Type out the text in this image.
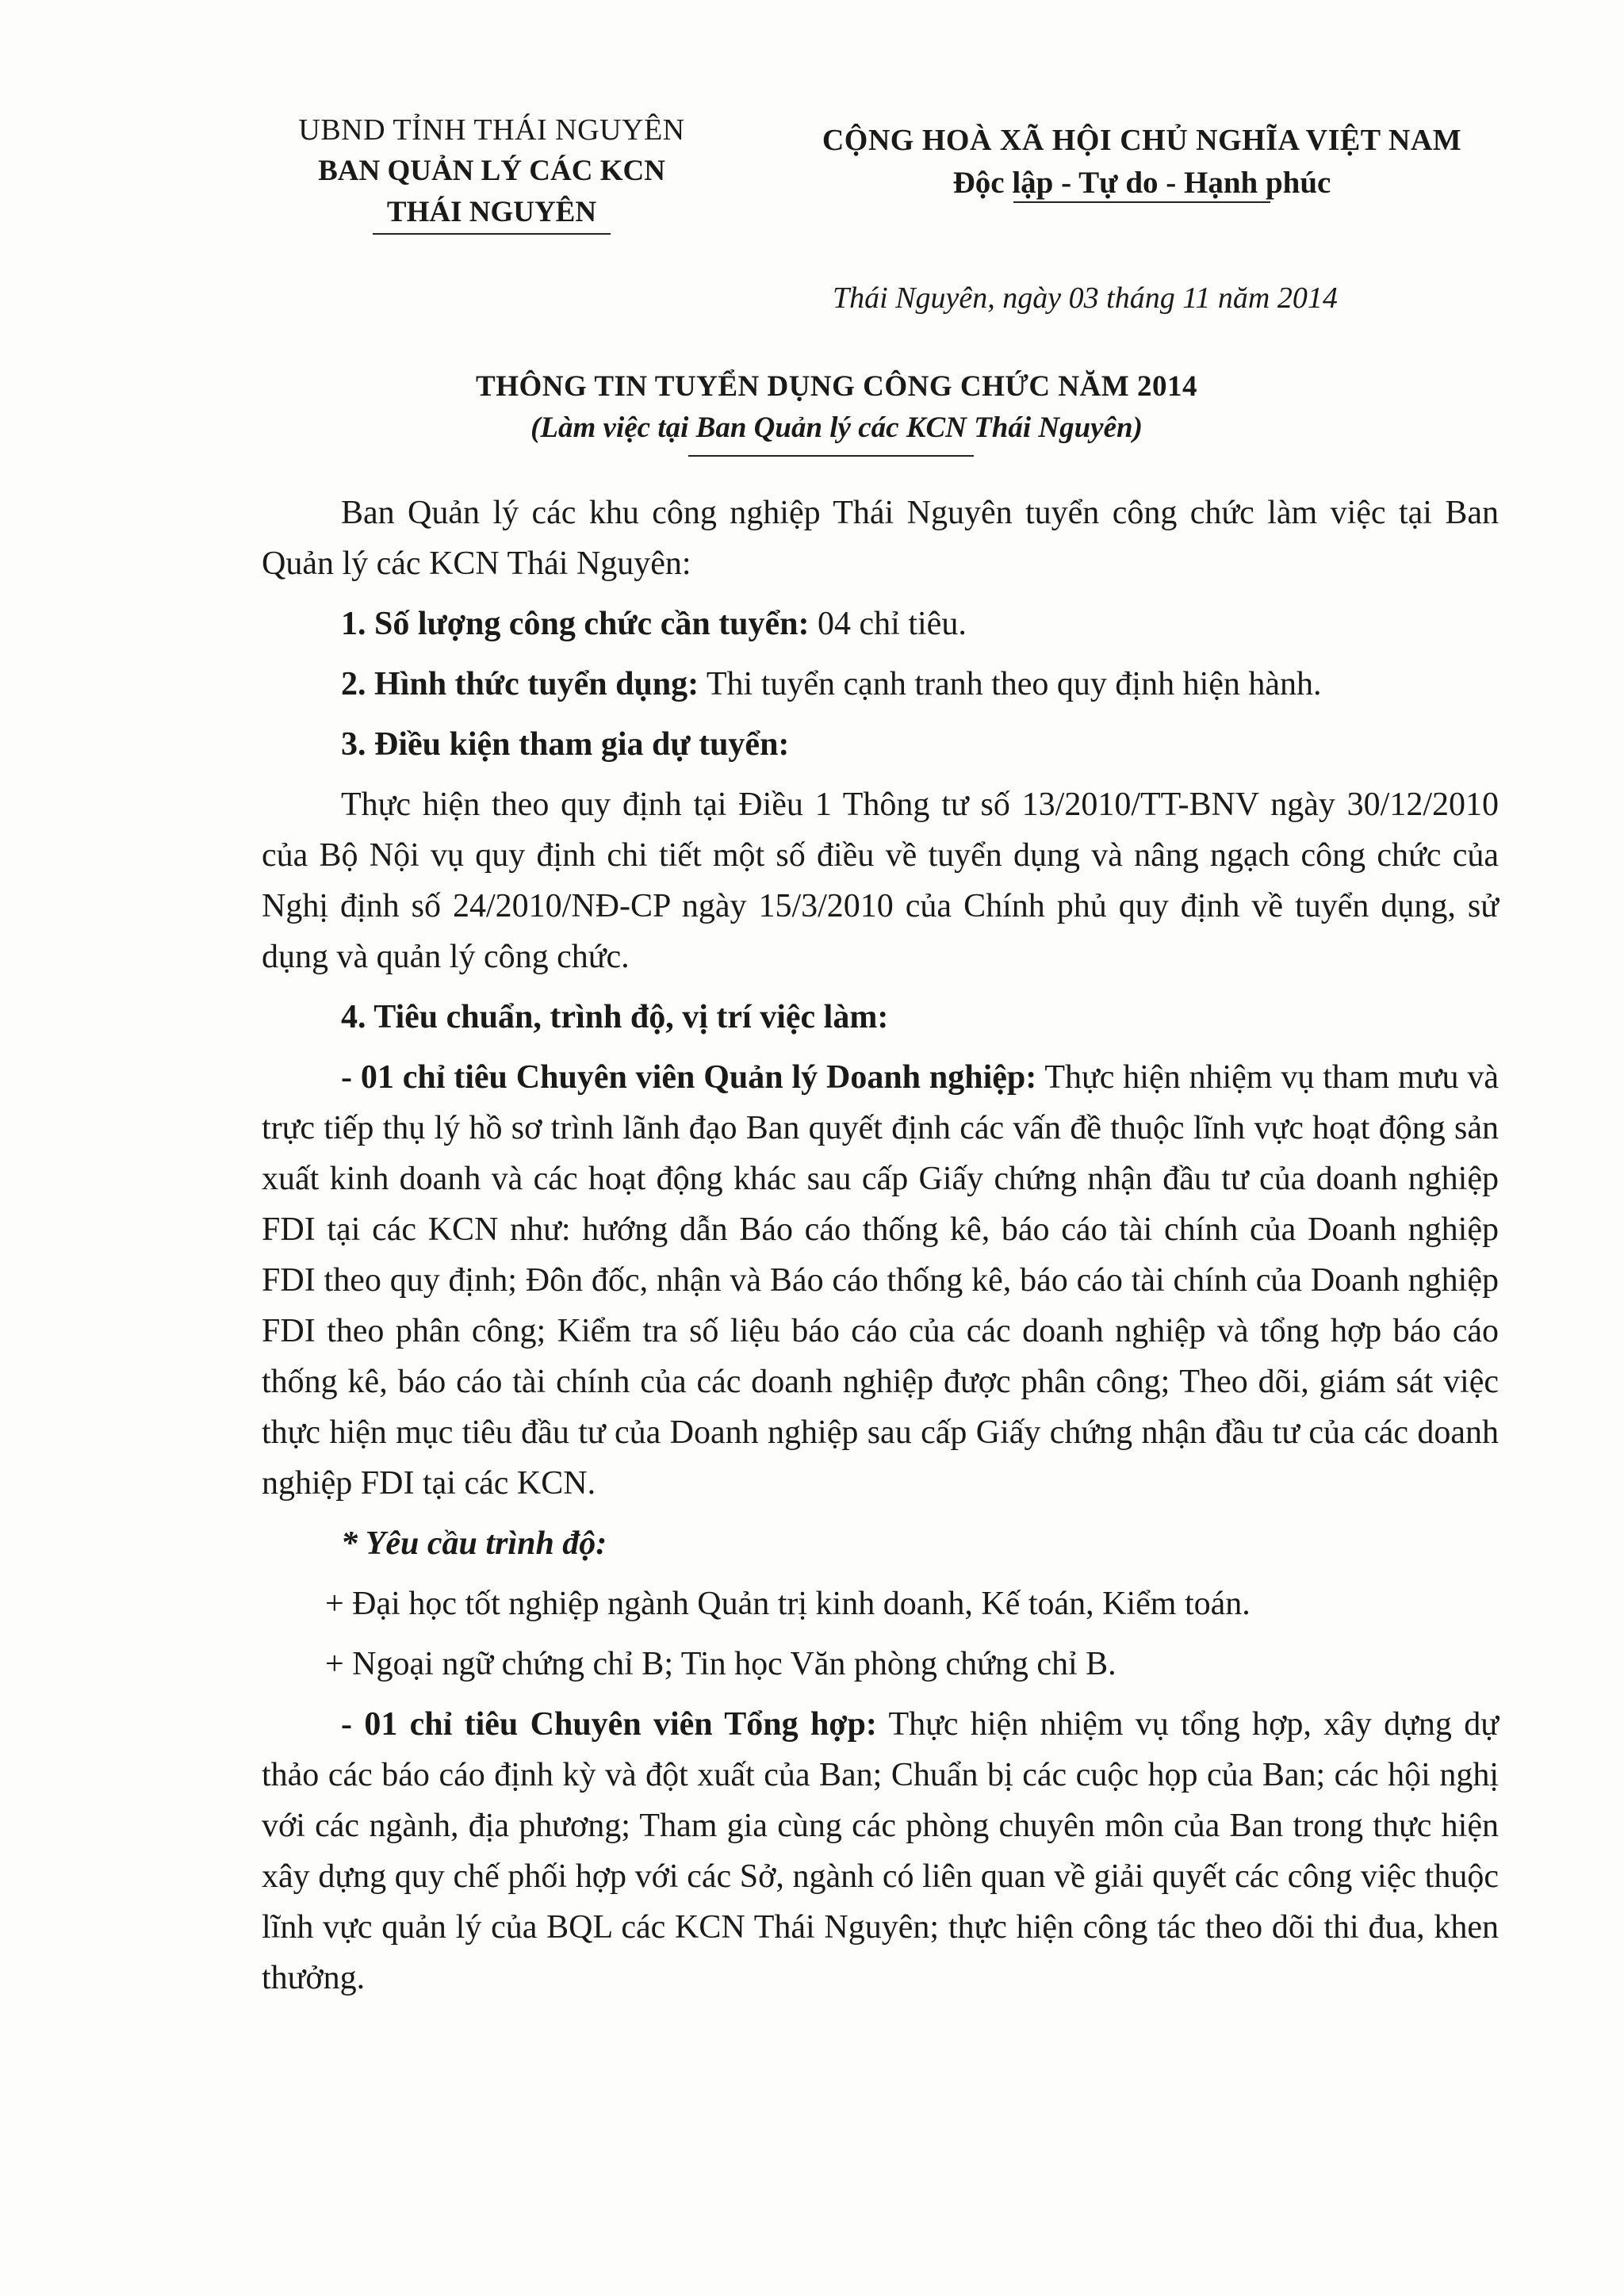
UBND TỈNH THÁI NGUYÊN
BAN QUẢN LÝ CÁC KCN
THÁI NGUYÊN
CỘNG HOÀ XÃ HỘI CHỦ NGHĨA VIỆT NAM
Độc lập - Tự do - Hạnh phúc
Thái Nguyên, ngày 03 tháng 11 năm 2014
THÔNG TIN TUYỂN DỤNG CÔNG CHỨC NĂM 2014
(Làm việc tại Ban Quản lý các KCN Thái Nguyên)

Ban Quản lý các khu công nghiệp Thái Nguyên tuyển công chức làm việc tại Ban Quản lý các KCN Thái Nguyên:

1. Số lượng công chức cần tuyển: 04 chỉ tiêu.

2. Hình thức tuyển dụng: Thi tuyển cạnh tranh theo quy định hiện hành.

3. Điều kiện tham gia dự tuyển:

Thực hiện theo quy định tại Điều 1 Thông tư số 13/2010/TT-BNV ngày 30/12/2010 của Bộ Nội vụ quy định chi tiết một số điều về tuyển dụng và nâng ngạch công chức của Nghị định số 24/2010/NĐ-CP ngày 15/3/2010 của Chính phủ quy định về tuyển dụng, sử dụng và quản lý công chức.

4. Tiêu chuẩn, trình độ, vị trí việc làm:

- 01 chỉ tiêu Chuyên viên Quản lý Doanh nghiệp: Thực hiện nhiệm vụ tham mưu và trực tiếp thụ lý hồ sơ trình lãnh đạo Ban quyết định các vấn đề thuộc lĩnh vực hoạt động sản xuất kinh doanh và các hoạt động khác sau cấp Giấy chứng nhận đầu tư của doanh nghiệp FDI tại các KCN như: hướng dẫn Báo cáo thống kê, báo cáo tài chính của Doanh nghiệp FDI theo quy định; Đôn đốc, nhận và Báo cáo thống kê, báo cáo tài chính của Doanh nghiệp FDI theo phân công; Kiểm tra số liệu báo cáo của các doanh nghiệp và tổng hợp báo cáo thống kê, báo cáo tài chính của các doanh nghiệp được phân công; Theo dõi, giám sát việc thực hiện mục tiêu đầu tư của Doanh nghiệp sau cấp Giấy chứng nhận đầu tư của các doanh nghiệp FDI tại các KCN.

* Yêu cầu trình độ:

+ Đại học tốt nghiệp ngành Quản trị kinh doanh, Kế toán, Kiểm toán.

+ Ngoại ngữ chứng chỉ B; Tin học Văn phòng chứng chỉ B.

- 01 chỉ tiêu Chuyên viên Tổng hợp: Thực hiện nhiệm vụ tổng hợp, xây dựng dự thảo các báo cáo định kỳ và đột xuất của Ban; Chuẩn bị các cuộc họp của Ban; các hội nghị với các ngành, địa phương; Tham gia cùng các phòng chuyên môn của Ban trong thực hiện xây dựng quy chế phối hợp với các Sở, ngành có liên quan về giải quyết các công việc thuộc lĩnh vực quản lý của BQL các KCN Thái Nguyên; thực hiện công tác theo dõi thi đua, khen thưởng.
